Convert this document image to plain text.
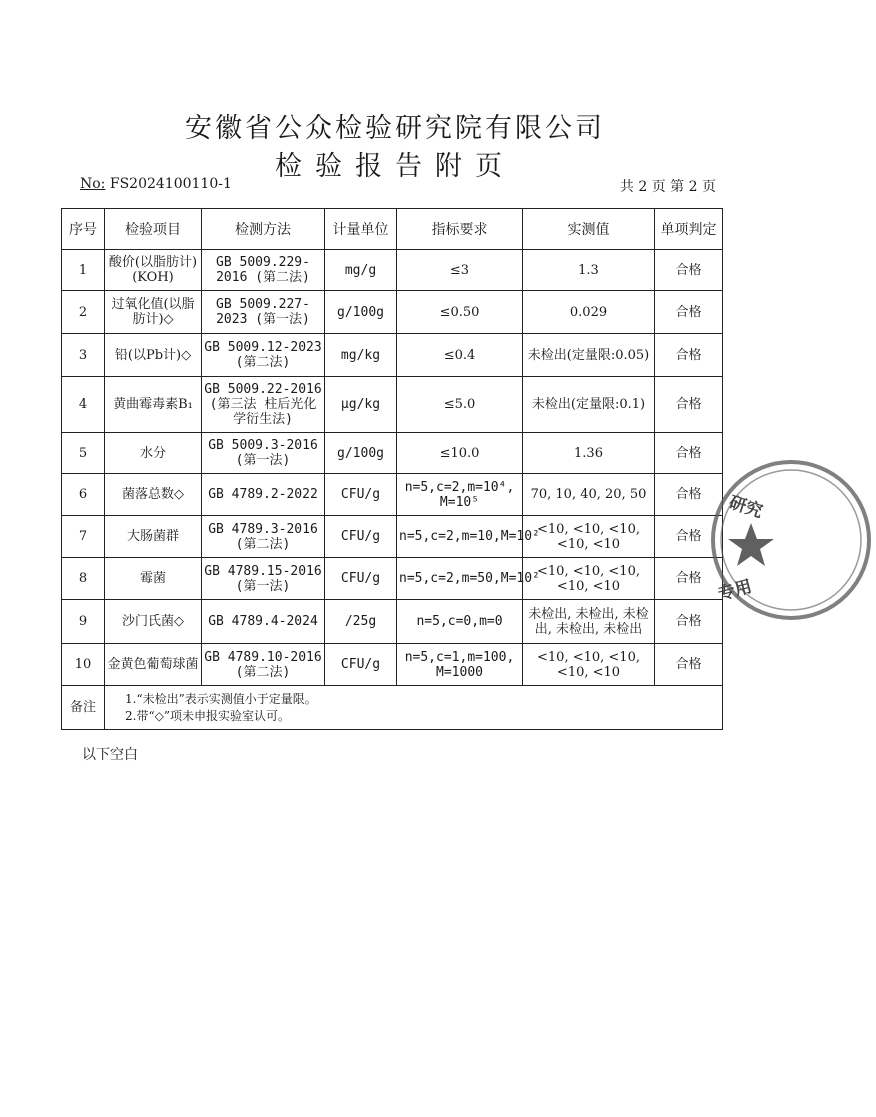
安徽省公众检验研究院有限公司
检验报告附页
No: FS2024100110-1	共 2 页 第 2 页
序号	检验项目	检测方法	计量单位	指标要求	实测值	单项判定
1	酸价(以脂肪计)(KOH)	GB 5009.229-2016 (第二法)	mg/g	≤3	1.3	合格
2	过氧化值(以脂肪计)◇	GB 5009.227-2023 (第一法)	g/100g	≤0.50	0.029	合格
3	铅(以Pb计)◇	GB 5009.12-2023 (第二法)	mg/kg	≤0.4	未检出(定量限:0.05)	合格
4	黄曲霉毒素B₁	GB 5009.22-2016 (第三法 柱后光化学衍生法)	μg/kg	≤5.0	未检出(定量限:0.1)	合格
5	水分	GB 5009.3-2016 (第一法)	g/100g	≤10.0	1.36	合格
6	菌落总数◇	GB 4789.2-2022	CFU/g	n=5,c=2,m=10⁴, M=10⁵	70, 10, 40, 20, 50	合格
7	大肠菌群	GB 4789.3-2016 (第二法)	CFU/g	n=5,c=2,m=10,M=10²	<10, <10, <10, <10, <10	合格
8	霉菌	GB 4789.15-2016 (第一法)	CFU/g	n=5,c=2,m=50,M=10²	<10, <10, <10, <10, <10	合格
9	沙门氏菌◇	GB 4789.4-2024	/25g	n=5,c=0,m=0	未检出, 未检出, 未检出, 未检出, 未检出	合格
10	金黄色葡萄球菌	GB 4789.10-2016 (第二法)	CFU/g	n=5,c=1,m=100, M=1000	<10, <10, <10, <10, <10	合格
备注	1.“未检出”表示实测值小于定量限。
2.带“◇”项未申报实验室认可。					
以下空白
研究
专用
